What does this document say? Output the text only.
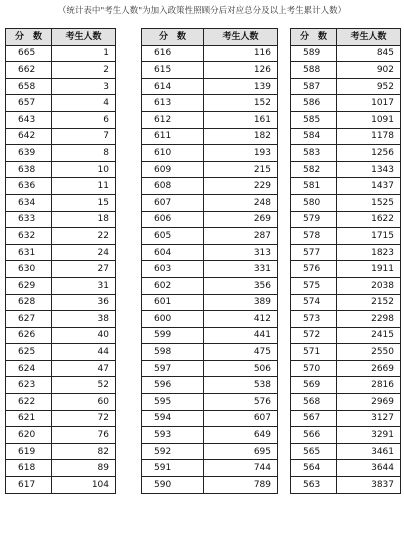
（统计表中"考生人数"为加入政策性照顾分后对应总分及以上考生累计人数）
分　数	考生人数
665	1
662	2
658	3
657	4
643	6
642	7
639	8
638	10
636	11
634	15
633	18
632	22
631	24
630	27
629	31
628	36
627	38
626	40
625	44
624	47
623	52
622	60
621	72
620	76
619	82
618	89
617	104
分　数	考生人数
616	116
615	126
614	139
613	152
612	161
611	182
610	193
609	215
608	229
607	248
606	269
605	287
604	313
603	331
602	356
601	389
600	412
599	441
598	475
597	506
596	538
595	576
594	607
593	649
592	695
591	744
590	789
分　数	考生人数
589	845
588	902
587	952
586	1017
585	1091
584	1178
583	1256
582	1343
581	1437
580	1525
579	1622
578	1715
577	1823
576	1911
575	2038
574	2152
573	2298
572	2415
571	2550
570	2669
569	2816
568	2969
567	3127
566	3291
565	3461
564	3644
563	3837
